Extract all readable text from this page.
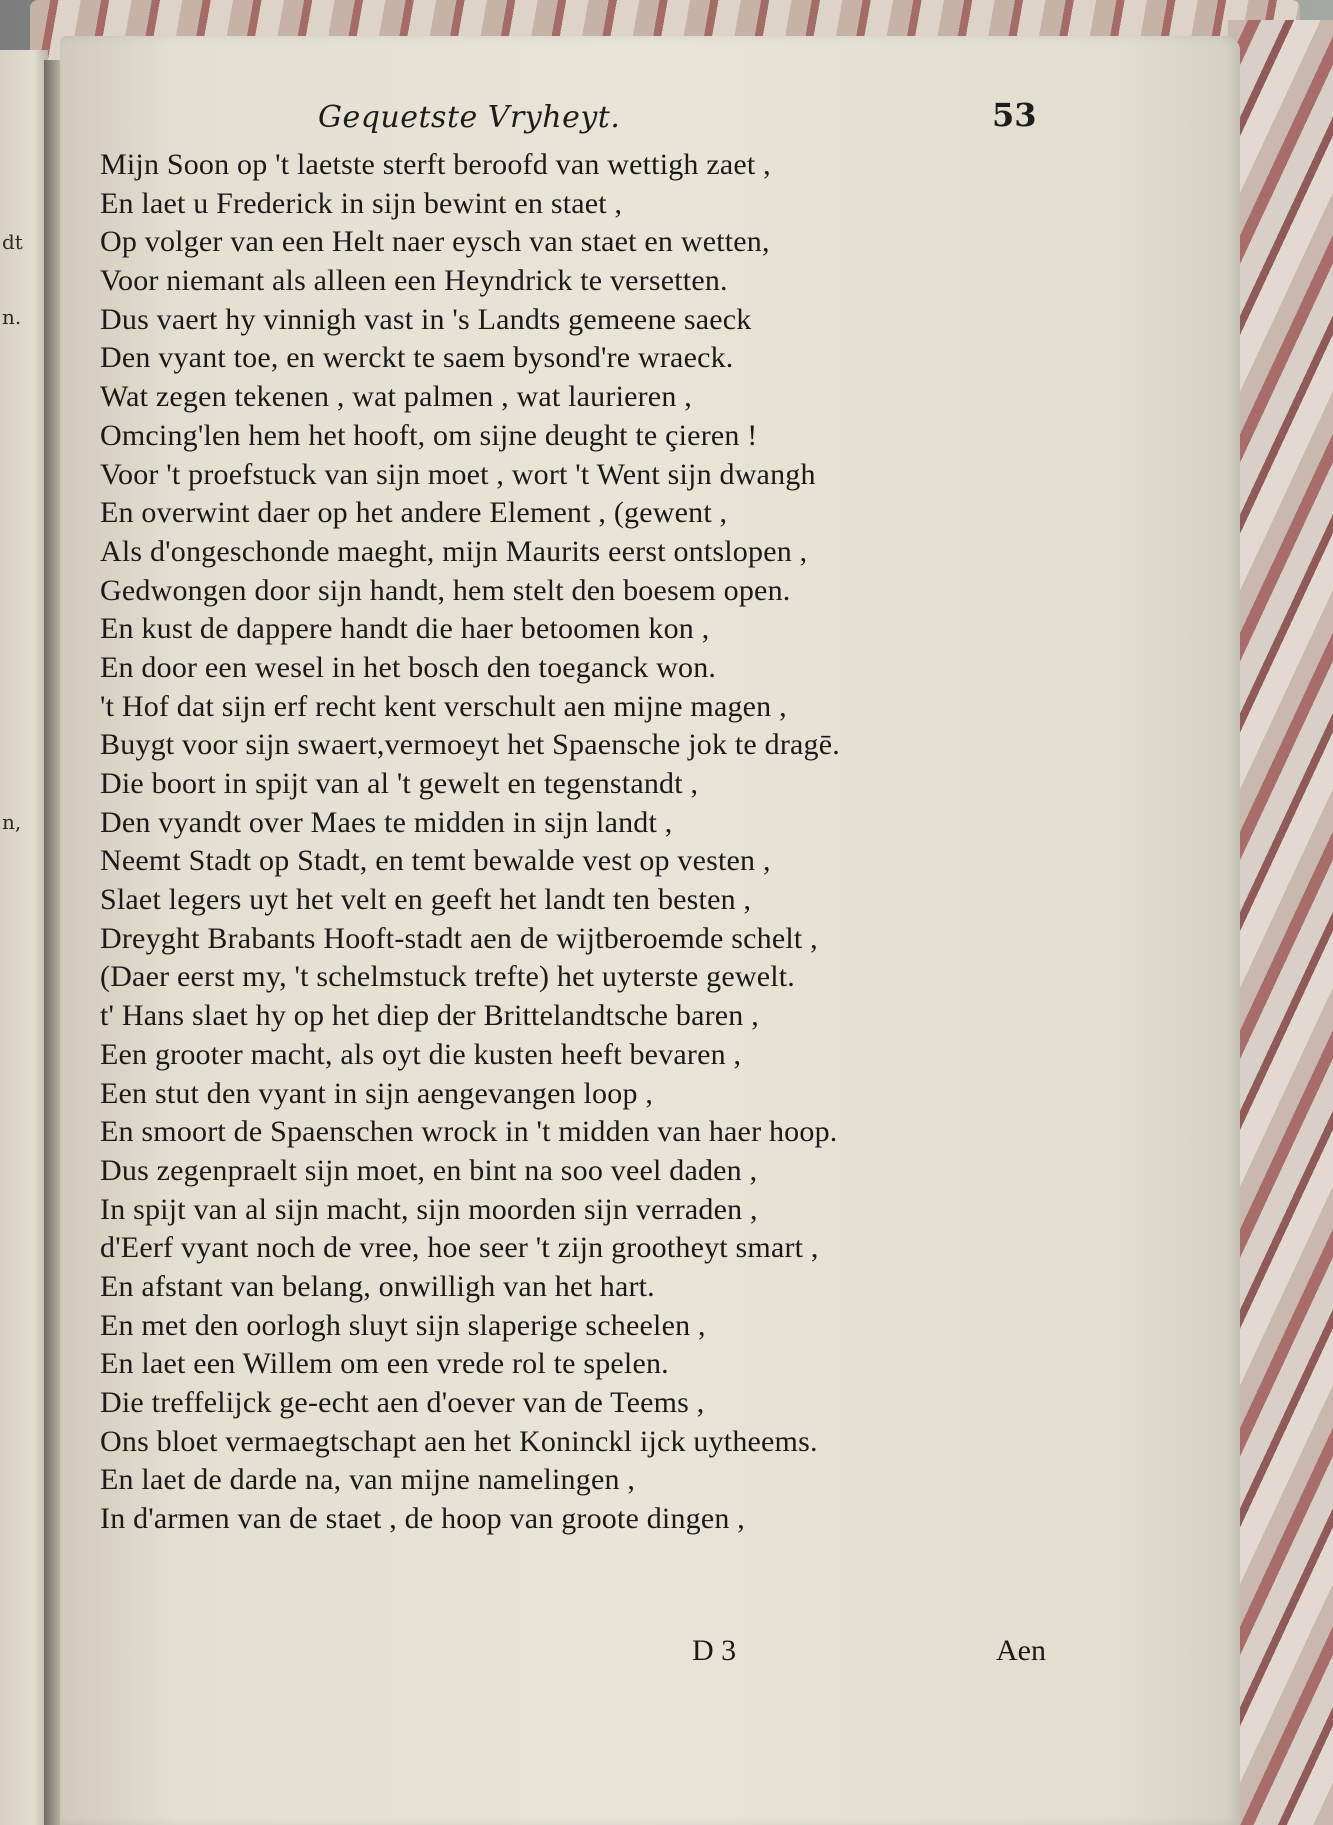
dt
n.
n,
Gequetste Vryheyt.	53
Mijn Soon op 't laetste sterft beroofd van wettigh zaet ,
En laet u Frederick in sijn bewint en staet ,
Op volger van een Helt naer eysch van staet en wetten,
Voor niemant als alleen een Heyndrick te versetten.
Dus vaert hy vinnigh vast in 's Landts gemeene saeck
Den vyant toe, en werckt te saem bysond're wraeck.
Wat zegen tekenen , wat palmen , wat laurieren ,
Omcing'len hem het hooft, om sijne deught te çieren !
Voor 't proefstuck van sijn moet , wort 't Went sijn dwangh
En overwint daer op het andere Element , (gewent ,
Als d'ongeschonde maeght, mijn Maurits eerst ontslopen ,
Gedwongen door sijn handt, hem stelt den boesem open.
En kust de dappere handt die haer betoomen kon ,
En door een wesel in het bosch den toeganck won.
't Hof dat sijn erf recht kent verschult aen mijne magen ,
Buygt voor sijn swaert,vermoeyt het Spaensche jok te dragē.
Die boort in spijt van al 't gewelt en tegenstandt ,
Den vyandt over Maes te midden in sijn landt ,
Neemt Stadt op Stadt, en temt bewalde vest op vesten ,
Slaet legers uyt het velt en geeft het landt ten besten ,
Dreyght Brabants Hooft-stadt aen de wijtberoemde schelt ,
(Daer eerst my, 't schelmstuck trefte) het uyterste gewelt.
t' Hans slaet hy op het diep der Brittelandtsche baren ,
Een grooter macht, als oyt die kusten heeft bevaren ,
Een stut den vyant in sijn aengevangen loop ,
En smoort de Spaenschen wrock in 't midden van haer hoop.
Dus zegenpraelt sijn moet, en bint na soo veel daden ,
In spijt van al sijn macht, sijn moorden sijn verraden ,
d'Eerf vyant noch de vree, hoe seer 't zijn grootheyt smart ,
En afstant van belang, onwilligh van het hart.
En met den oorlogh sluyt sijn slaperige scheelen ,
En laet een Willem om een vrede rol te spelen.
Die treffelijck ge-echt aen d'oever van de Teems ,
Ons bloet vermaegtschapt aen het Koninckl ijck uytheems.
En laet de darde na, van mijne namelingen ,
In d'armen van de staet , de hoop van groote dingen ,
D 3	Aen
